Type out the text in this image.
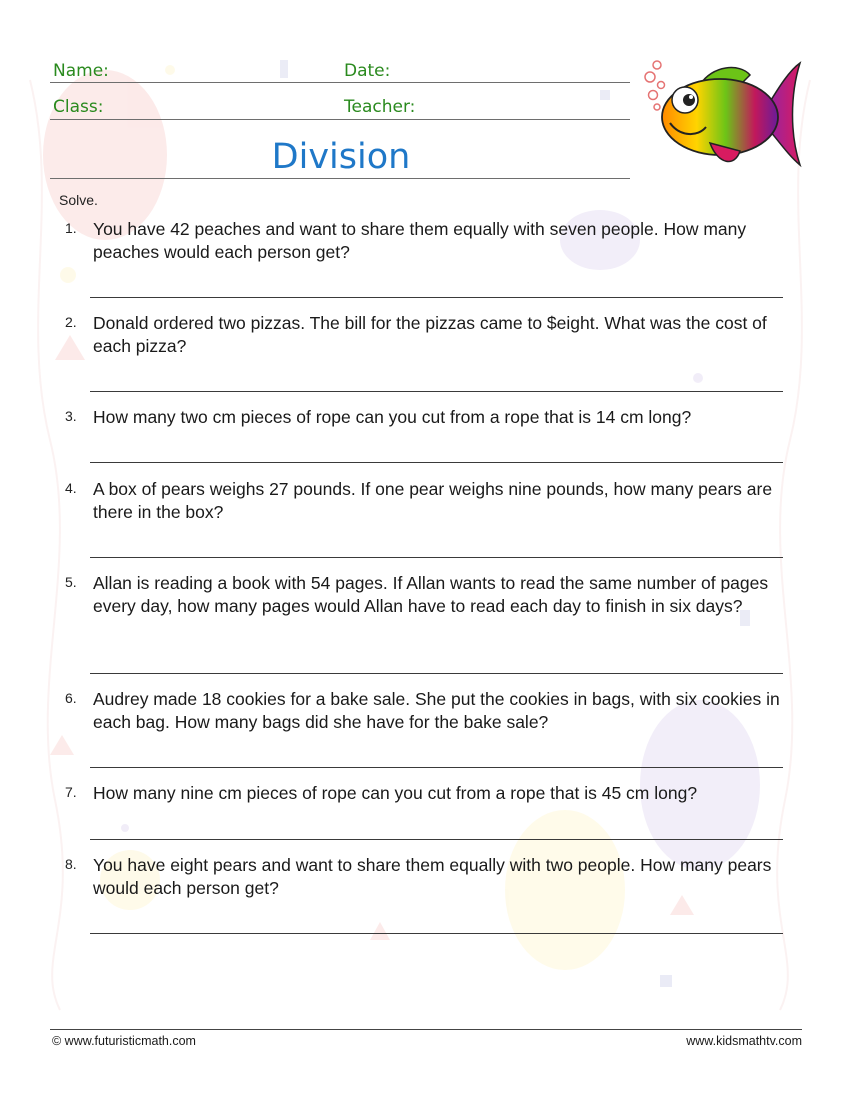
Name:	Date:
Class:	Teacher:
Division
Solve.
1. You have 42 peaches and want to share them equally with seven people. How many peaches would each person get?
2. Donald ordered two pizzas. The bill for the pizzas came to $eight. What was the cost of each pizza?
3. How many two cm pieces of rope can you cut from a rope that is 14 cm long?
4. A box of pears weighs 27 pounds. If one pear weighs nine pounds, how many pears are there in the box?
5. Allan is reading a book with 54 pages. If Allan wants to read the same number of pages every day, how many pages would Allan have to read each day to finish in six days?
6. Audrey made 18 cookies for a bake sale. She put the cookies in bags, with six cookies in each bag. How many bags did she have for the bake sale?
7. How many nine cm pieces of rope can you cut from a rope that is 45 cm long?
8. You have eight pears and want to share them equally with two people. How many pears would each person get?
© www.futuristicmath.com	www.kidsmathtv.com
